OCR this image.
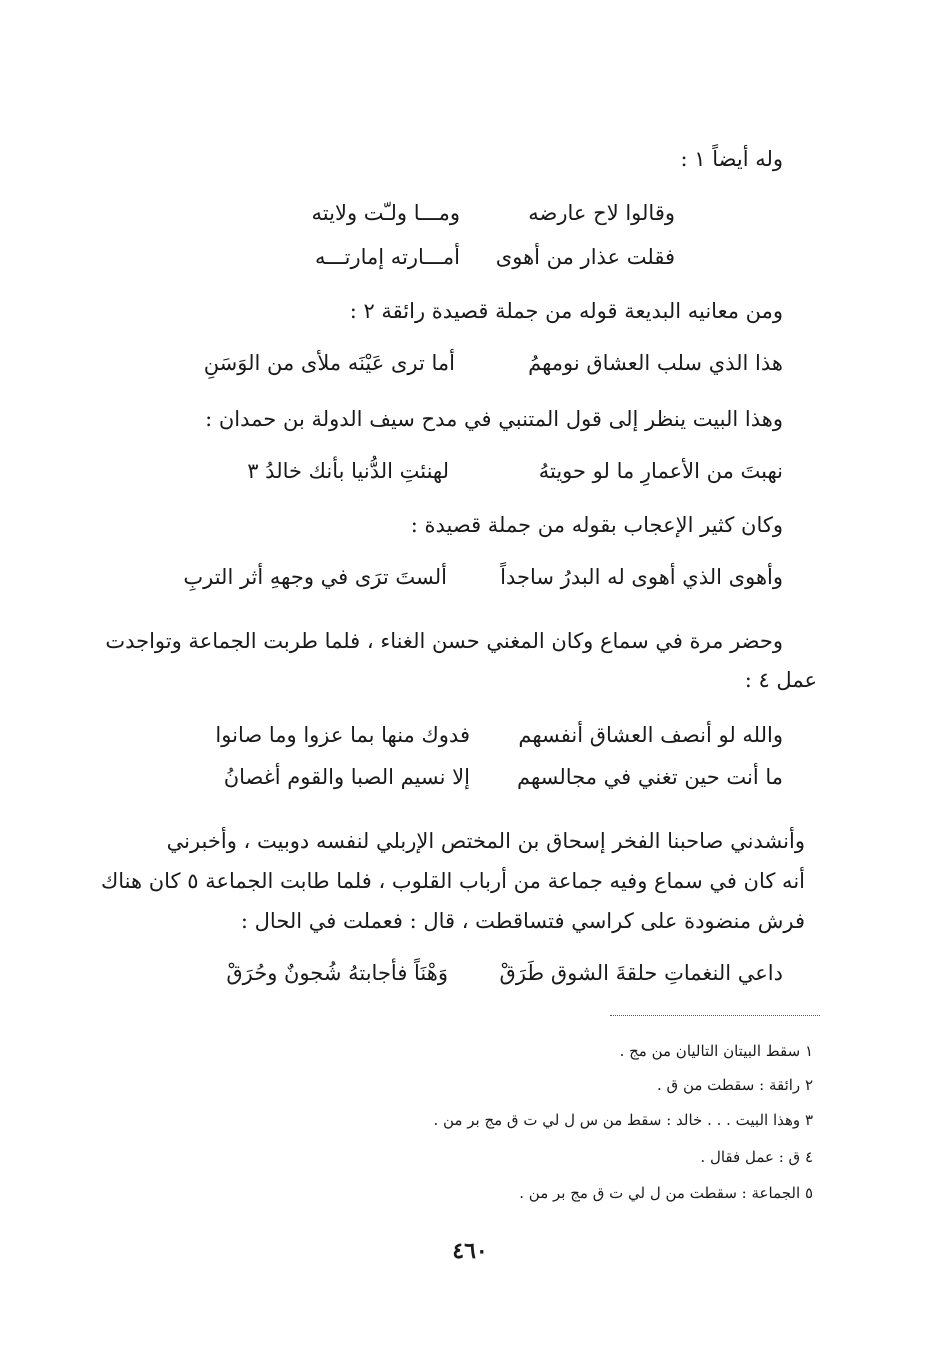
وله أيضاً ١ :
وقالوا لاح عارضه
ومـــا ولـّت ولايته
فقلت عذار من أهوى
أمـــارته إمارتـــه
ومن معانيه البديعة قوله من جملة قصيدة رائقة ٢ :
هذا الذي سلب العشاق نومهمُ
أما ترى عَيْنَه ملأى من الوَسَنِ
وهذا البيت ينظر إلى قول المتنبي في مدح سيف الدولة بن حمدان :
نهبتَ من الأعمارِ ما لو حويتهُ
لهنئتِ الدُّنيا بأنك خالدُ ٣
وكان كثير الإعجاب بقوله من جملة قصيدة :
وأهوى الذي أهوى له البدرُ ساجداً
ألستَ ترَى في وجههِ أثر التربِ
وحضر مرة في سماع وكان المغني حسن الغناء ، فلما طربت الجماعة وتواجدت
عمل ٤ :
والله لو أنصف العشاق أنفسهم
فدوك منها بما عزوا وما صانوا
ما أنت حين تغني في مجالسهم
إلا نسيم الصبا والقوم أغصانُ
وأنشدني صاحبنا الفخر إسحاق بن المختص الإربلي لنفسه دوبيت ، وأخبرني
أنه كان في سماع وفيه جماعة من أرباب القلوب ، فلما طابت الجماعة ٥ كان هناك
فرش منضودة على كراسي فتساقطت ، قال : فعملت في الحال :
داعي النغماتِ حلقةَ الشوق طَرَقْ
وَهْنَاً فأجابتهُ شُجونٌ وحُرَقْ
١ سقط البيتان التاليان من مج .
٢ رائقة : سقطت من ق .
٣ وهذا البيت . . . خالد : سقط من س ل لي ت ق مج بر من .
٤ ق : عمل فقال .
٥ الجماعة : سقطت من ل لي ت ق مج بر من .
٤٦٠
